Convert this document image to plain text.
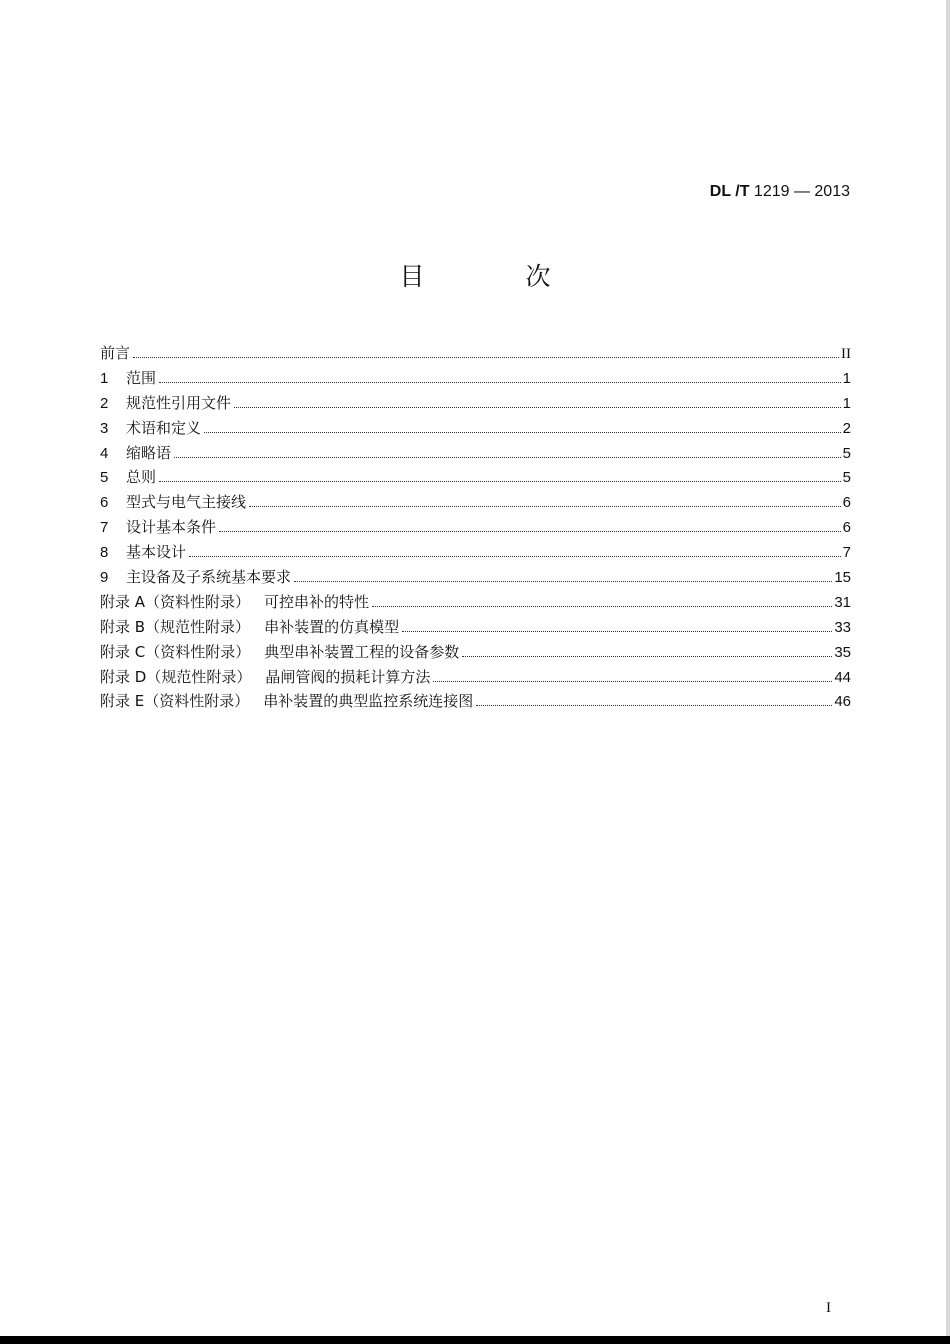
DL /T 1219 — 2013
目　次
前言	II
1 范围	1
2 规范性引用文件	1
3 术语和定义	2
4 缩略语	5
5 总则	5
6 型式与电气主接线	6
7 设计基本条件	6
8 基本设计	7
9 主设备及子系统基本要求	15
附录 A（资料性附录） 可控串补的特性	31
附录 B（规范性附录） 串补装置的仿真模型	33
附录 C（资料性附录） 典型串补装置工程的设备参数	35
附录 D（规范性附录） 晶闸管阀的损耗计算方法	44
附录 E（资料性附录） 串补装置的典型监控系统连接图	46
I
